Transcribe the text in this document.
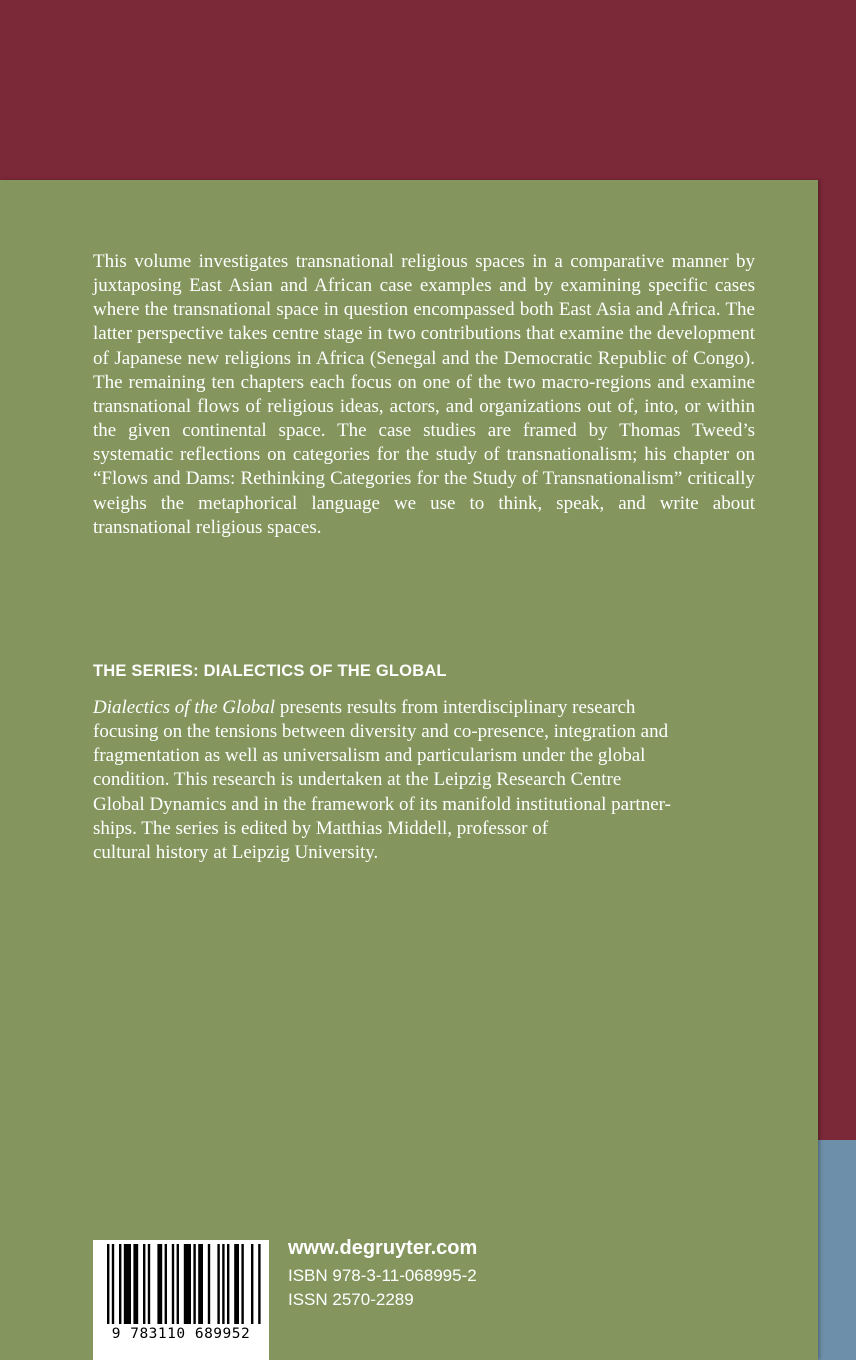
This volume investigates transnational religious spaces in a comparative manner by juxtaposing East Asian and African case examples and by examining specific cases where the transnational space in question encompassed both East Asia and Africa. The latter perspective takes centre stage in two contributions that examine the development of Japanese new religions in Africa (Senegal and the Democratic Republic of Congo). The remaining ten chapters each focus on one of the two macro-regions and examine transnational flows of religious ideas, actors, and organizations out of, into, or within the given continental space. The case studies are framed by Thomas Tweed’s systematic reflections on categories for the study of transnationalism; his chapter on “Flows and Dams: Rethinking Categories for the Study of Transnationalism” critically weighs the metaphorical language we use to think, speak, and write about transnational religious spaces.

THE SERIES: DIALECTICS OF THE GLOBAL
Dialectics of the Global presents results from interdisciplinary research
focusing on the tensions between diversity and co-presence, integration and
fragmentation as well as universalism and particularism under the global
condition. This research is undertaken at the Leipzig Research Centre
Global Dynamics and in the framework of its manifold institutional partner-
ships. The series is edited by Matthias Middell, professor of
cultural history at Leipzig University.
9 783110 689952
www.degruyter.com
ISBN 978-3-11-068995-2
ISSN 2570-2289
